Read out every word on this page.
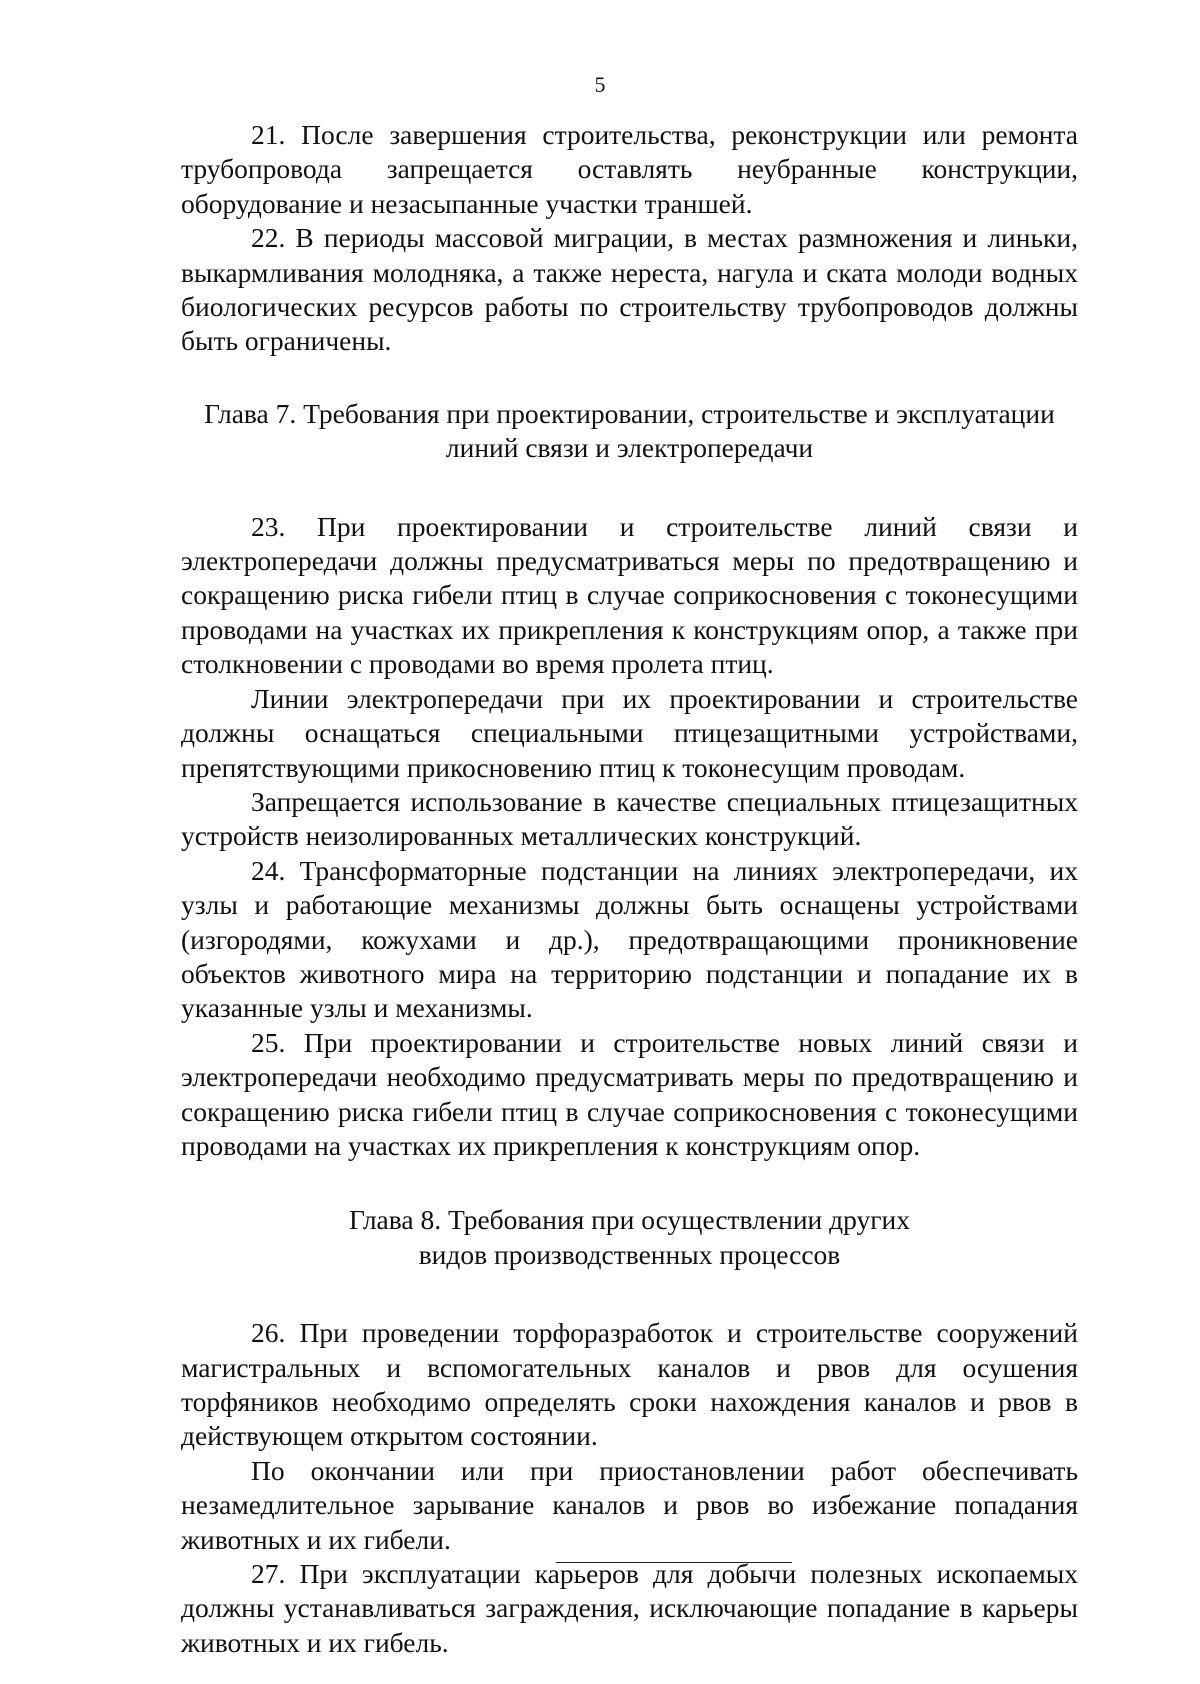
5

21. После завершения строительства, реконструкции или ремонта трубопровода запрещается оставлять неубранные конструкции, оборудование и незасыпанные участки траншей.

22. В периоды массовой миграции, в местах размножения и линьки, выкармливания молодняка, а также нереста, нагула и ската молоди водных биологических ресурсов работы по строительству трубопроводов должны быть ограничены.

Глава 7. Требования при проектировании, строительстве и эксплуатации
линий связи и электропередачи

23. При проектировании и строительстве линий связи и электропередачи должны предусматриваться меры по предотвращению и сокращению риска гибели птиц в случае соприкосновения с токонесущими проводами на участках их прикрепления к конструкциям опор, а также при столкновении с проводами во время пролета птиц.

Линии электропередачи при их проектировании и строительстве должны оснащаться специальными птицезащитными устройствами, препятствующими прикосновению птиц к токонесущим проводам.

Запрещается использование в качестве специальных птицезащитных устройств неизолированных металлических конструкций.

24. Трансформаторные подстанции на линиях электропередачи, их узлы и работающие механизмы должны быть оснащены устройствами (изгородями, кожухами и др.), предотвращающими проникновение объектов животного мира на территорию подстанции и попадание их в указанные узлы и механизмы.

25. При проектировании и строительстве новых линий связи и электропередачи необходимо предусматривать меры по предотвращению и сокращению риска гибели птиц в случае соприкосновения с токонесущими проводами на участках их прикрепления к конструкциям опор.

Глава 8. Требования при осуществлении других
видов производственных процессов

26. При проведении торфоразработок и строительстве сооружений магистральных и вспомогательных каналов и рвов для осушения торфяников необходимо определять сроки нахождения каналов и рвов в действующем открытом состоянии.

По окончании или при приостановлении работ обеспечивать незамедлительное зарывание каналов и рвов во избежание попадания животных и их гибели.

27. При эксплуатации карьеров для добычи полезных ископаемых должны устанавливаться заграждения, исключающие попадание в карьеры животных и их гибель.
